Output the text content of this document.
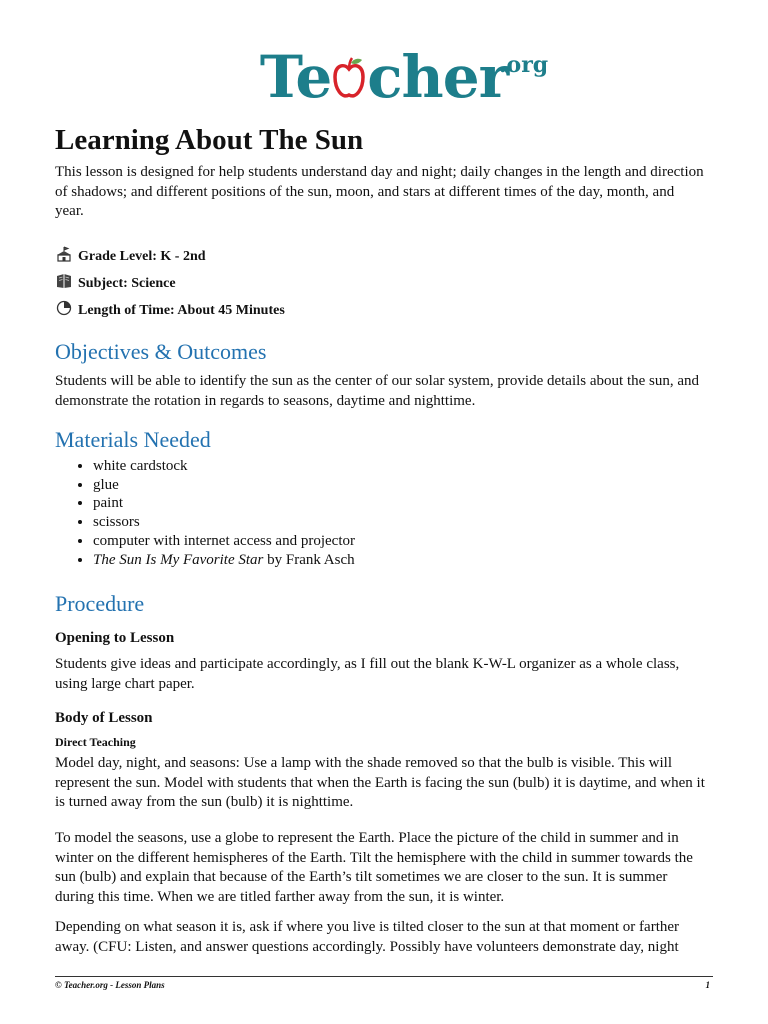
Te cher
.org
Learning About The Sun

This lesson is designed for help students understand day and night; daily changes in the length and direction of shadows; and different positions of the sun, moon, and stars at different times of the day, month, and year.

Grade Level: K - 2nd
Subject: Science
Length of Time: About 45 Minutes
Objectives & Outcomes

Students will be able to identify the sun as the center of our solar system, provide details about the sun, and demonstrate the rotation in regards to seasons, daytime and nighttime.

Materials Needed
• white cardstock
• glue
• paint
• scissors
• computer with internet access and projector
• The Sun Is My Favorite Star by Frank Asch
Procedure
Opening to Lesson

Students give ideas and participate accordingly, as I fill out the blank K-W-L organizer as a whole class, using large chart paper.

Body of Lesson
Direct Teaching

Model day, night, and seasons: Use a lamp with the shade removed so that the bulb is visible. This will represent the sun. Model with students that when the Earth is facing the sun (bulb) it is daytime, and when it is turned away from the sun (bulb) it is nighttime.

To model the seasons, use a globe to represent the Earth. Place the picture of the child in summer and in winter on the different hemispheres of the Earth. Tilt the hemisphere with the child in summer towards the sun (bulb) and explain that because of the Earth’s tilt sometimes we are closer to the sun. It is summer during this time. When we are titled farther away from the sun, it is winter.

Depending on what season it is, ask if where you live is tilted closer to the sun at that moment or farther away. (CFU: Listen, and answer questions accordingly. Possibly have volunteers demonstrate day, night

© Teacher.org - Lesson Plans	1
